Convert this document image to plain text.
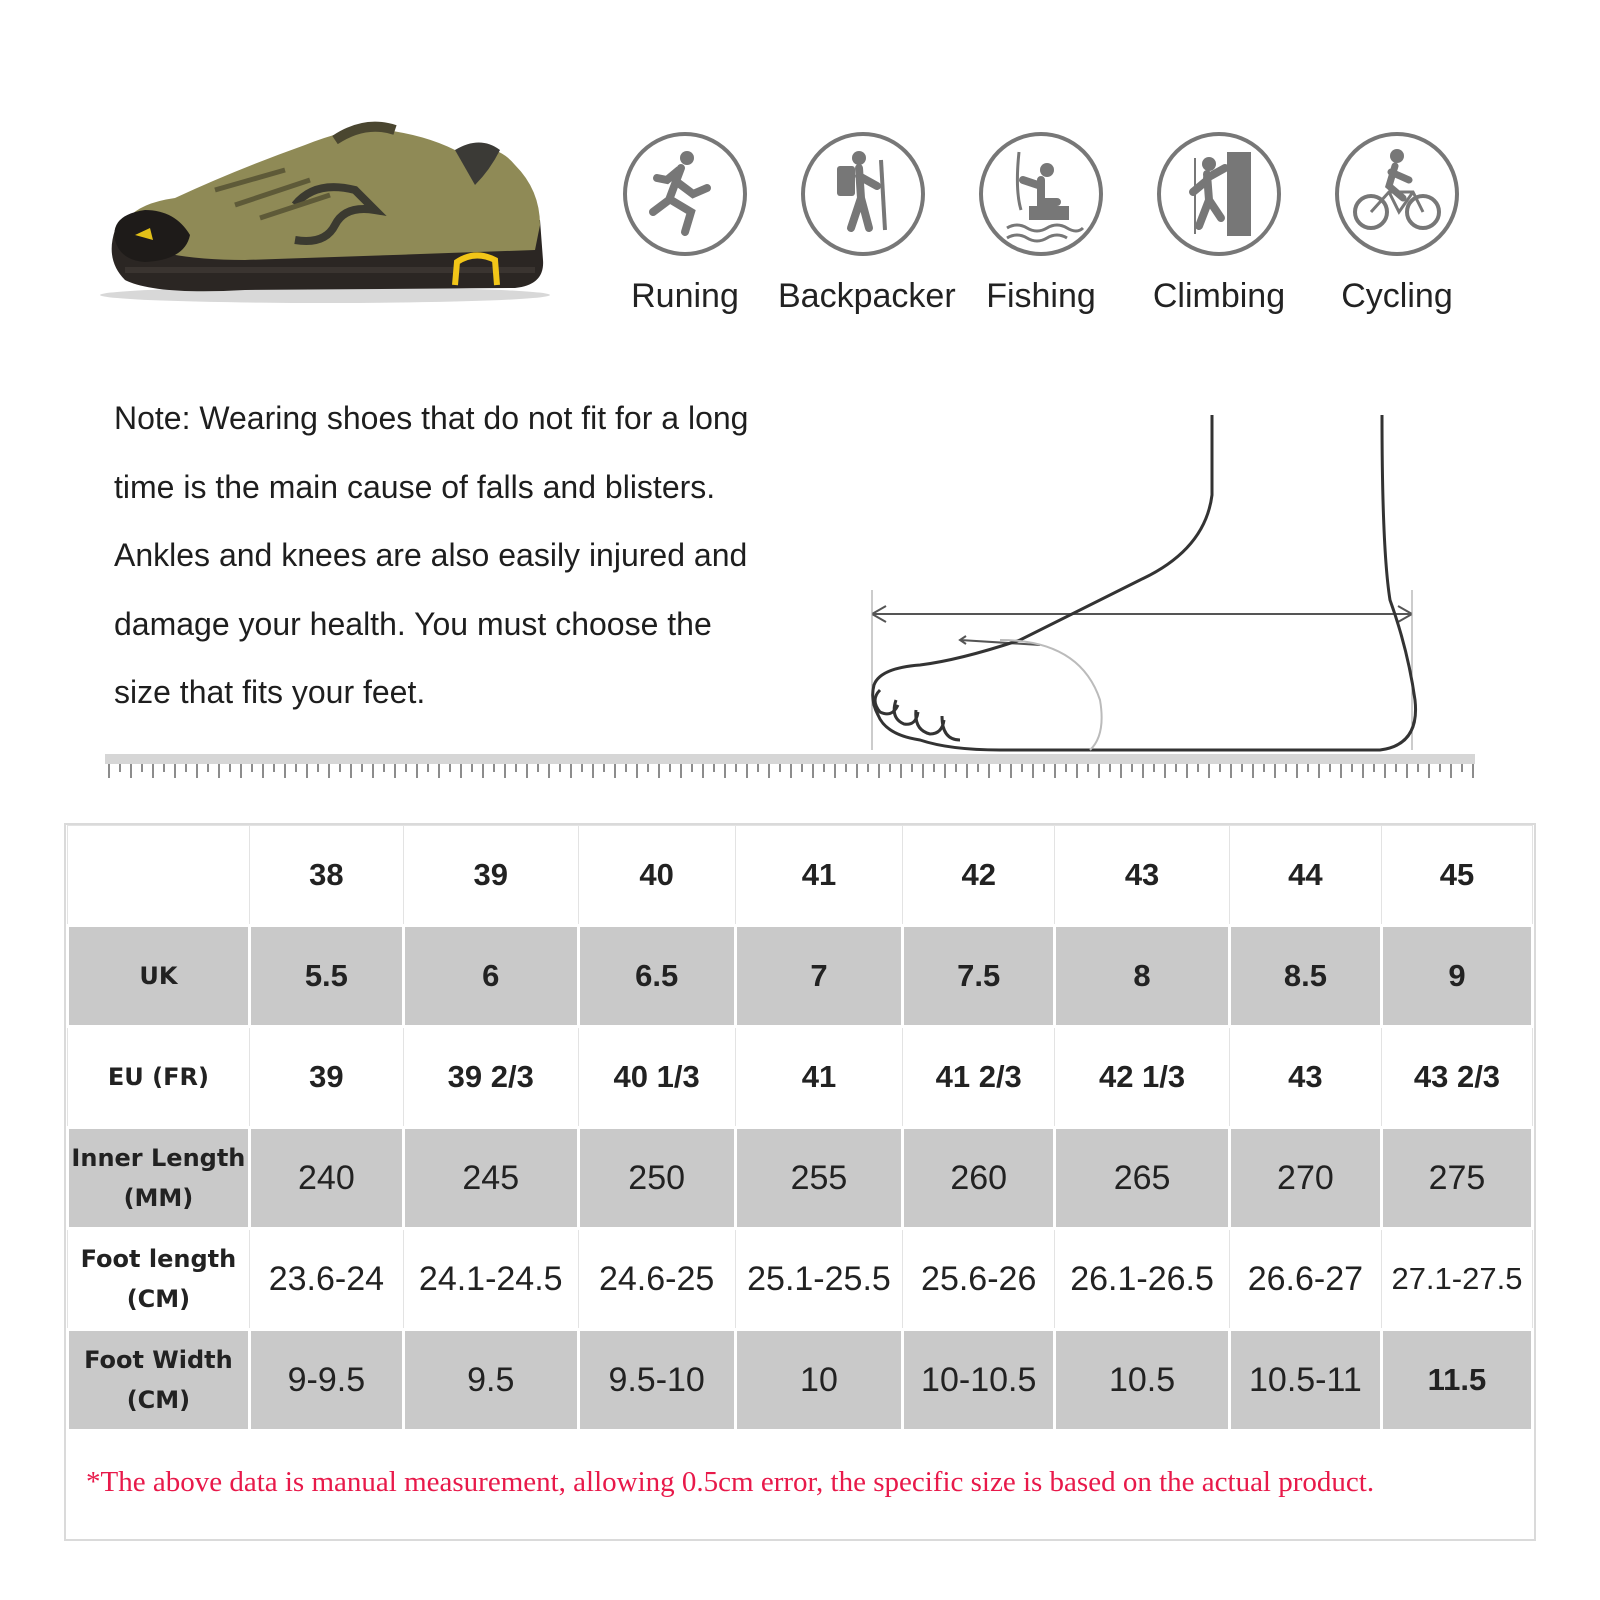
Runing	Backpacker Fishing	Climbing	Cycling
Note: Wearing shoes that do not fit for a long
time is the main cause of falls and blisters.
Ankles and knees are also easily injured and
damage your health. You must choose the
size that fits your feet.
	38	39	40	41	42	43	44	45
UK	5.5	6	6.5	7	7.5	8	8.5	9
EU (FR)	39	39 2/3	40 1/3	41	41 2/3	42 1/3	43	43 2/3

Inner Length
(MM)	240	245	250	255	260	265	270	275

Foot length
(CM)	23.6-24	24.1-24.5	24.6-25	25.1-25.5	25.6-26	26.1-26.5	26.6-27	27.1-27.5

Foot Width
(CM)	9-9.5	9.5	9.5-10	10	10-10.5	10.5	10.5-11	11.5
*The above data is manual measurement, allowing 0.5cm error, the specific size is based on the actual product.
